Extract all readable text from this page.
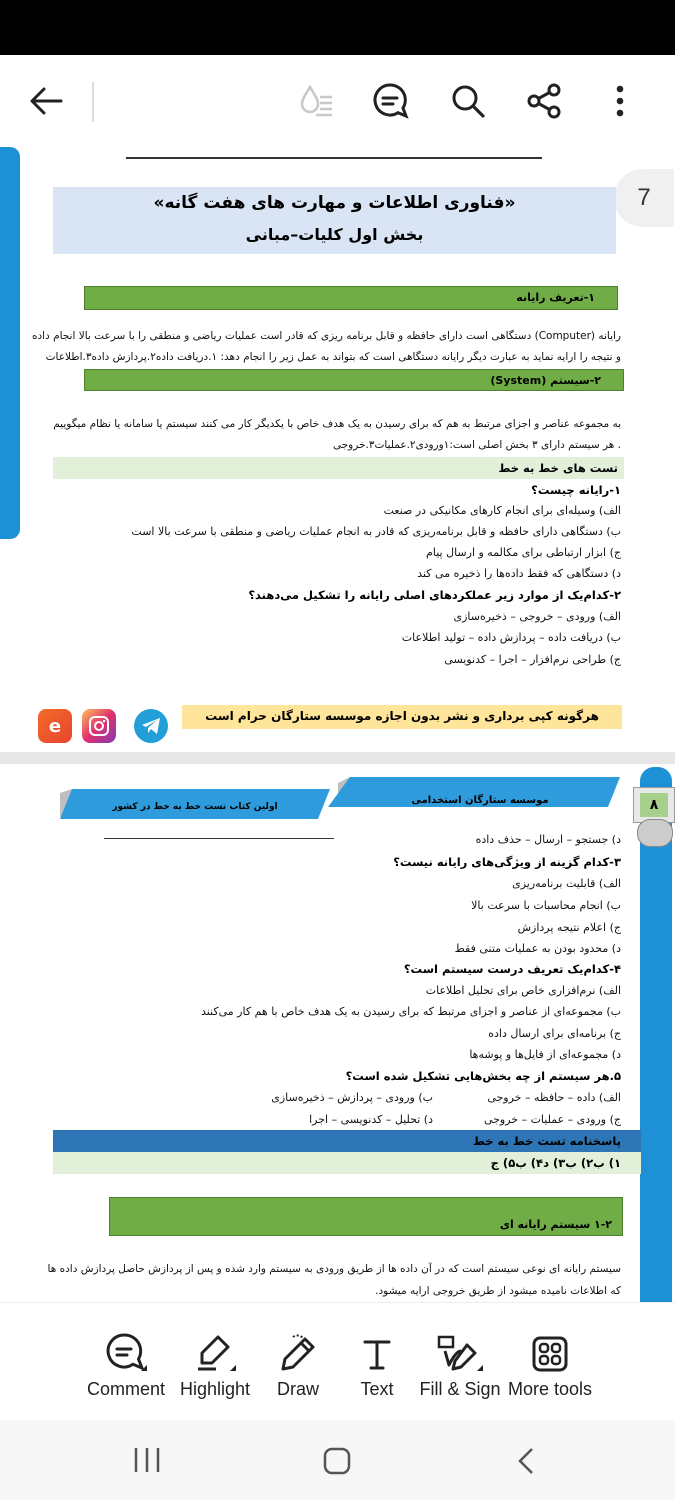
7
«فناوری اطلاعات و مهارت های هفت گانه»
بخش اول کلیات–مبانی
۱-تعریف رایانه
رایانه (Computer) دستگاهی است دارای حافظه و قابل برنامه ریزی که قادر است عملیات ریاضی و منطقی را با سرعت بالا انجام داده
و نتیجه را ارایه نماید به عبارت دیگر رایانه دستگاهی است که بتواند به عمل زیر را انجام دهد: ۱.دریافت داده۲.پردازش داده۳.اطلاعات
۲-سیستم (System)
به مجموعه عناصر و اجزای مرتبط به هم که برای رسیدن به یک هدف خاص با یکدیگر کار می کنند سیستم یا سامانه یا نظام میگوییم
. هر سیستم دارای ۳ بخش اصلی است:۱ورودی۲.عملیات۳.خروجی
تست های خط به خط
۱-رایانه چیست؟
الف) وسیله‌ای برای انجام کارهای مکانیکی در صنعت
ب) دستگاهی دارای حافظه و قابل برنامه‌ریزی که قادر به انجام عملیات ریاضی و منطقی با سرعت بالا است
ج) ابزار ارتباطی برای مکالمه و ارسال پیام
د) دستگاهی که فقط داده‌ها را ذخیره می کند
۲-کدام‌یک از موارد زیر عملکردهای اصلی رایانه را تشکیل می‌دهند؟
الف) ورودی – خروجی – ذخیره‌سازی
ب) دریافت داده – پردازش داده – تولید اطلاعات
ج) طراحی نرم‌افزار – اجرا – کدنویسی
e	هرگونه کپی برداری و نشر بدون اجازه موسسه ستارگان حرام است
۸
موسسه ستارگان استخدامی
اولین کتاب تست خط به خط در کشور
د) جستجو – ارسال – حذف داده
۳-کدام گزینه از ویژگی‌های رایانه نیست؟
الف) قابلیت برنامه‌ریزی
ب) انجام محاسبات با سرعت بالا
ج) اعلام نتیجه پردازش
د) محدود بودن به عملیات متنی فقط
۴-کدام‌یک تعریف درست سیستم است؟
الف) نرم‌افزاری خاص برای تحلیل اطلاعات
ب) مجموعه‌ای از عناصر و اجزای مرتبط که برای رسیدن به یک هدف خاص با هم کار می‌کنند
ج) برنامه‌ای برای ارسال داده
د) مجموعه‌ای از فایل‌ها و پوشه‌ها
۵.هر سیستم از چه بخش‌هایی تشکیل شده است؟
الف) داده – حافظه – خروجی
ب) ورودی – پردازش – ذخیره‌سازی
ج) ورودی – عملیات – خروجی
د) تحلیل – کدنویسی – اجرا
پاسخنامه تست خط به خط
۱) ب۲) ب۳) د۴) ب۵) ج
۱-۲ سیستم رایانه ای
سیستم رایانه ای نوعی سیستم است که در آن داده ها از طریق ورودی به سیستم وارد شده و پس از پردازش حاصل پردازش داده ها
که اطلاعات نامیده میشود از طریق خروجی ارایه میشود.
Comment Highlight	Draw	Text	Fill & Sign More tools
